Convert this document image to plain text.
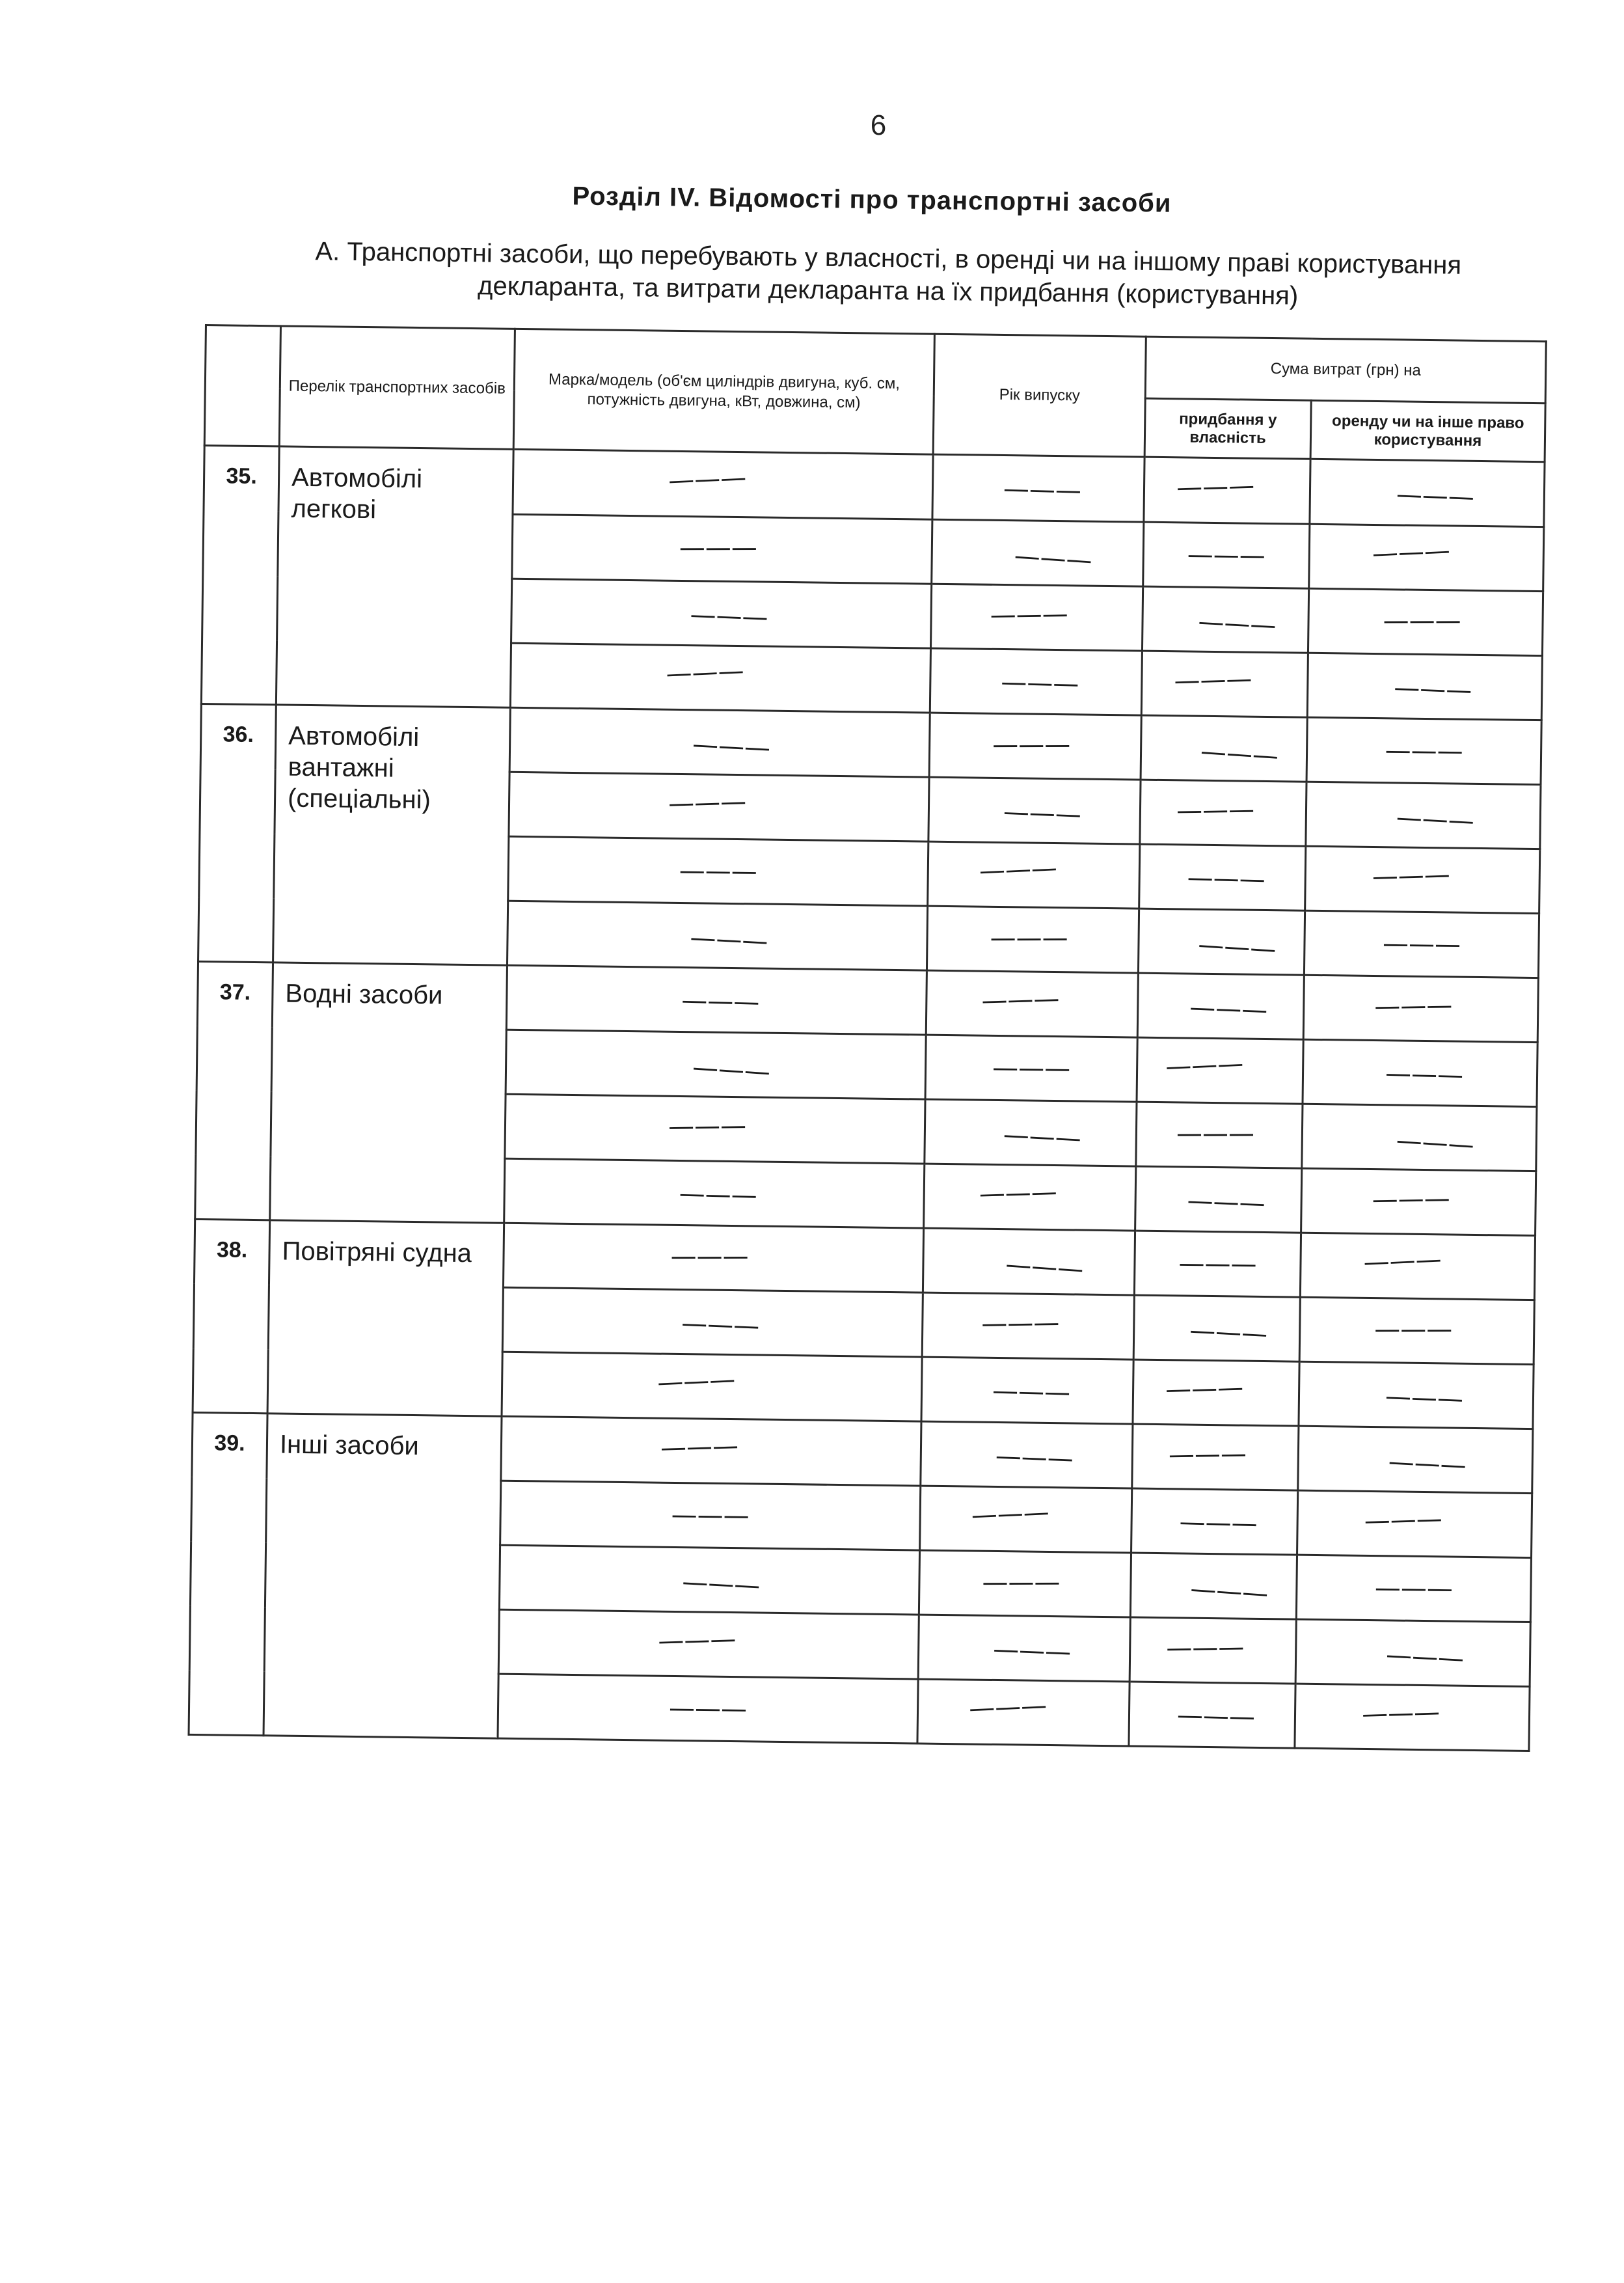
6
Розділ IV. Відомості про транспортні засоби
А. Транспортні засоби, що перебувають у власності, в оренді чи на іншому праві користування
декларанта, та витрати декларанта на їх придбання (користування)
	Перелік транспортних засобів	Марка/модель (об'єм циліндрів двигуна, куб. см, потужність двигуна, кВт, довжина, см)	Рік випуску	Сума витрат (грн) на	
				придбання у власність	оренду чи на інше право користування
35.	Автомобілі легкові	———	———	———	———
		———	———	———	———
		———	———	———	———
		———	———	———	———
36.	Автомобілі вантажні (спеціальні)	———	———	———	———
		———	———	———	———
		———	———	———	———
		———	———	———	———
37.	Водні засоби	———	———	———	———
		———	———	———	———
		———	———	———	———
		———	———	———	———
38.	Повітряні судна	———	———	———	———
		———	———	———	———
		———	———	———	———
39.	Інші засоби	———	———	———	———
		———	———	———	———
		———	———	———	———
		———	———	———	———
		———	———	———	———
